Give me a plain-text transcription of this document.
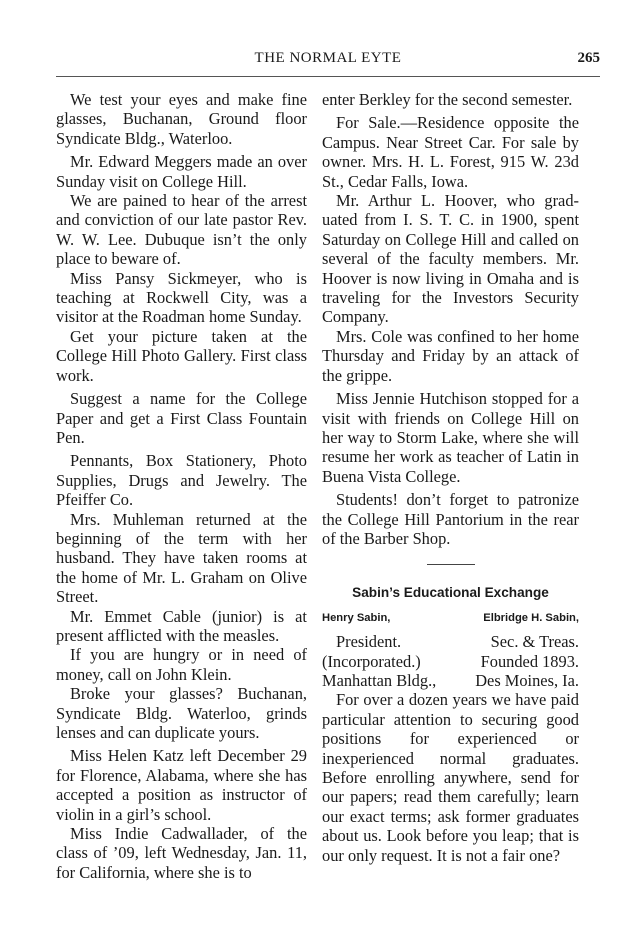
THE NORMAL EYTE	265

We test your eyes and make fine glasses, Buchanan, Ground floor Syndicate Bldg., Waterloo.

Mr. Edward Meggers made an over Sunday visit on College Hill.

We are pained to hear of the arrest and conviction of our late pastor Rev. W. W. Lee. Dubuque isn’t the only place to beware of.

Miss Pansy Sickmeyer, who is teaching at Rockwell City, was a visitor at the Roadman home Sunday.

Get your picture taken at the College Hill Photo Gallery. First class work.

Suggest a name for the College Paper and get a First Class Fountain Pen.

Pennants, Box Stationery, Photo Supplies, Drugs and Jewelry. The Pfeiffer Co.

Mrs. Muhleman returned at the beginning of the term with her husband. They have taken rooms at the home of Mr. L. Graham on Olive Street.

Mr. Emmet Cable (junior) is at present afflicted with the measles.

If you are hungry or in need of money, call on John Klein.

Broke your glasses? Buchanan, Syndicate Bldg. Waterloo, grinds lenses and can duplicate yours.

Miss Helen Katz left December 29 for Florence, Alabama, where she has accepted a position as instructor of violin in a girl’s school.

Miss Indie Cadwallader, of the class of ’09, left Wednesday, Jan. 11, for California, where she is to

enter Berkley for the second semester.

For Sale.—Residence opposite the Campus. Near Street Car. For sale by owner. Mrs. H. L. Forest, 915 W. 23d St., Cedar Falls, Iowa.

Mr. Arthur L. Hoover, who graduated from I. S. T. C. in 1900, spent Saturday on College Hill and called on several of the faculty members. Mr. Hoover is now living in Omaha and is traveling for the Investors Security Company.

Mrs. Cole was confined to her home Thursday and Friday by an attack of the grippe.

Miss Jennie Hutchison stopped for a visit with friends on College Hill on her way to Storm Lake, where she will resume her work as teacher of Latin in Buena Vista College.

Students! don’t forget to patronize the College Hill Pantorium in the rear of the Barber Shop.

Sabin’s Educational Exchange
Henry Sabin,	Elbridge H. Sabin,
President.	Sec. & Treas.
(Incorporated.)	Founded 1893.
Manhattan Bldg., Des Moines, Ia.

For over a dozen years we have paid particular attention to securing good positions for experienced or inexperienced normal graduates. Before enrolling anywhere, send for our papers; read them carefully; learn our exact terms; ask former graduates about us. Look before you leap; that is our only request. It is not a fair one?
